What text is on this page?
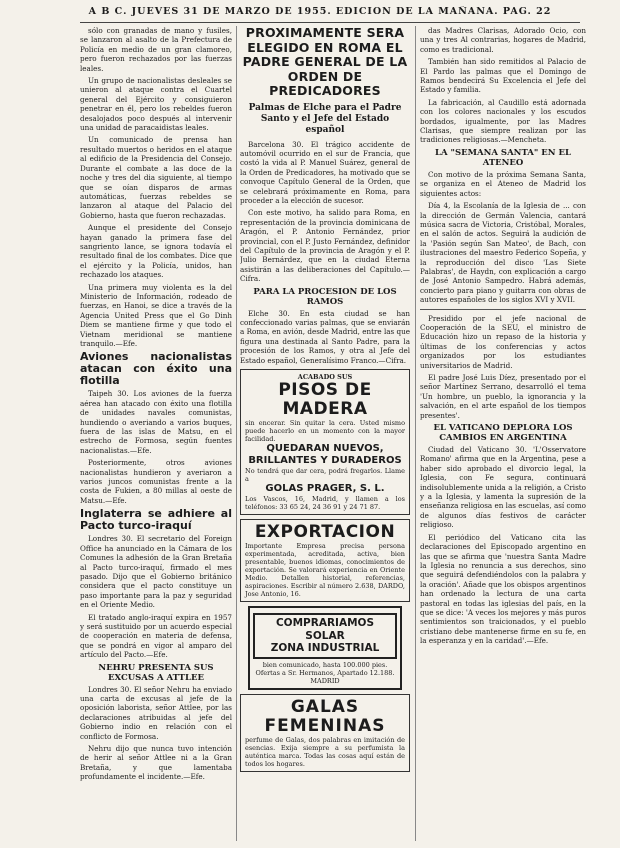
A B C. JUEVES 31 DE MARZO DE 1955. EDICION DE LA MAÑANA. PAG. 22

sólo con granadas de mano y fusiles, se lanzaron al asalto de la Prefectura de Policía en medio de un gran clamoreo, pero fueron rechazados por las fuerzas leales.

Un grupo de nacionalistas desleales se unieron al ataque contra el Cuartel general del Ejército y consiguieron penetrar en él, pero los rebeldes fueron desalojados poco después al intervenir una unidad de paracaidistas leales.

Un comunicado de prensa han resultado muertos o heridos en el ataque al edificio de la Presidencia del Consejo. Durante el combate a las doce de la noche y tres del dia siguiente, al tiempo que se oían disparos de armas automáticas, fuerzas rebeldes se lanzaron al ataque del Palacio del Gobierno, hasta que fueron rechazadas.

Aunque el presidente del Consejo hayan ganado la primera fase del sangriento lance, se ignora todavía el resultado final de los combates. Dice que el ejército y la Policía, unidos, han rechazado los ataques.

Una primera muy violenta es la del Ministerio de Información, rodeado de fuerzas, en Hanoi, se dice a través de la Agencia United Press que el Go Dinh Diem se mantiene firme y que todo el Vietnam meridional se mantiene tranquilo.—Efe.

Aviones nacionalistas atacan con éxito una flotilla

Taipeh 30. Los aviones de la fuerza aérea han atacado con éxito una flotilla de unidades navales comunistas, hundiendo o averiando a varios buques, fuera de las islas de Matsu, en el estrecho de Formosa, según fuentes nacionalistas.—Efe.

Posteriormente, otros aviones nacionalistas hundieron y averiaron a varios juncos comunistas frente a la costa de Fukien, a 80 millas al oeste de Matsu.—Efe.

Inglaterra se adhiere al Pacto turco-iraquí

Londres 30. El secretario del Foreign Office ha anunciado en la Cámara de los Comunes la adhesión de la Gran Bretaña al Pacto turco-iraquí, firmado el mes pasado. Dijo que el Gobierno británico considera que el pacto constituye un paso importante para la paz y seguridad en el Oriente Medio.

El tratado anglo-iraquí expira en 1957 y será sustituido por un acuerdo especial de cooperación en materia de defensa, que se pondrá en vigor al amparo del artículo del Pacto.—Efe.

NEHRU PRESENTA SUS EXCUSAS A ATTLEE

Londres 30. El señor Nehru ha enviado una carta de excusas al jefe de la oposición laborista, señor Attlee, por las declaraciones atribuidas al jefe del Gobierno indio en relación con el conflicto de Formosa.

Nehru dijo que nunca tuvo intención de herir al señor Attlee ni a la Gran Bretaña, y que lamentaba profundamente el incidente.—Efe.

PROXIMAMENTE SERA ELEGIDO EN ROMA EL PADRE GENERAL DE LA ORDEN DE PREDICADORES
Palmas de Elche para el Padre Santo y el Jefe del Estado español

Barcelona 30. El trágico accidente de automóvil ocurrido en el sur de Francia, que costó la vida al P. Manuel Suárez, general de la Orden de Predicadores, ha motivado que se convoque Capítulo General de la Orden, que se celebrará próximamente en Roma, para proceder a la elección de sucesor.

Con este motivo, ha salido para Roma, en representación de la provincia dominicana de Aragón, el P. Antonio Fernández, prior provincial, con el P. Justo Fernández, definidor del Capítulo de la provincia de Aragón y el P. Julio Bernárdez, que en la ciudad Eterna asistirán a las deliberaciones del Capítulo.—Cifra.

PARA LA PROCESION DE LOS RAMOS

Elche 30. En esta ciudad se han confeccionado varias palmas, que se enviarán a Roma, en avión, desde Madrid, entre las que figura una destinada al Santo Padre, para la procesión de los Ramos, y otra al Jefe del Estado español, Generalísimo Franco.—Cifra.

ACABADO SUS
PISOS DE MADERA
sin encerar. Sin quitar la cera. Usted mismo puede hacerlo en un momento con la mayor facilidad.
QUEDARAN NUEVOS, BRILLANTES Y DURADEROS
No tendrá que dar cera, podrá fregarlos. Llame a
GOLAS PRAGER, S. L.
Los Vascos, 16, Madrid, y llamen a los teléfonos: 33 65 24, 24 36 91 y 24 71 87.
EXPORTACION
Importante Empresa precisa persona experimentada, acreditada, activa, bien presentable, buenos idiomas, conocimientos de exportación. Se valorará experiencia en Oriente Medio. Detallen historial, referencias, aspiraciones. Escribir al número 2.638, DARDO, Jose Antonio, 16.
COMPRARIAMOS SOLAR
ZONA INDUSTRIAL
bien comunicado, hasta 100.000 pies. Ofertas a Sr. Hermanos, Apartado 12.188. MADRID
GALAS FEMENINAS
perfume de Galas, dos palabras en imitación de esencias. Exija siempre a su perfumista la auténtica marca. Todas las cosas aquí están de todos los hogares.

das Madres Clarisas, Adorado Ocio, con una y tres Al contrarias, hogares de Madrid, como es tradicional.

También han sido remitidos al Palacio de El Pardo las palmas que el Domingo de Ramos bendecirá Su Excelencia el Jefe del Estado y familia.

La fabricación, al Caudillo está adornada con los colores nacionales y los escudos bordados, igualmente, por las Madres Clarisas, que siempre realizan por las tradiciones religiosas.—Mencheta.

LA "SEMANA SANTA" EN EL ATENEO

Con motivo de la próxima Semana Santa, se organiza en el Ateneo de Madrid los siguientes actos:

Día 4, la Escolanía de la Iglesia de ... con la dirección de Germán Valencia, cantará música sacra de Victoria, Cristóbal, Morales, en el salón de actos. Seguirá la audición de la 'Pasión según San Mateo', de Bach, con ilustraciones del maestro Federico Sopeña, y la reproducción del disco 'Las Siete Palabras', de Haydn, con explicación a cargo de José Antonio Sampedro. Habrá además, concierto para piano y guitarra con obras de autores españoles de los siglos XVI y XVII.

Presidido por el jefe nacional de Cooperación de la SEU, el ministro de Educación hizo un repaso de la historia y últimas de los conferencias y actos organizados por los estudiantes universitarios de Madrid.

El padre José Luis Díez, presentado por el señor Martínez Serrano, desarrolló el tema 'Un hombre, un pueblo, la ignorancia y la salvación, en el arte español de los tiempos presentes'.

EL VATICANO DEPLORA LOS CAMBIOS EN ARGENTINA

Ciudad del Vaticano 30. 'L'Osservatore Romano' afirma que en la Argentina, pese a haber sido aprobado el divorcio legal, la Iglesia, con Fe segura, continuará indisolublemente unida a la religión, a Cristo y a la Iglesia, y lamenta la supresión de la enseñanza religiosa en las escuelas, así como de algunos días festivos de carácter religioso.

El periódico del Vaticano cita las declaraciones del Episcopado argentino en las que se afirma que 'nuestra Santa Madre la Iglesia no renuncia a sus derechos, sino que seguirá defendiéndolos con la palabra y la oración'. Añade que los obispos argentinos han ordenado la lectura de una carta pastoral en todas las iglesias del país, en la que se dice: 'A veces los mejores y más puros sentimientos son traicionados, y el pueblo cristiano debe mantenerse firme en su fe, en la esperanza y en la caridad'.—Efe.
